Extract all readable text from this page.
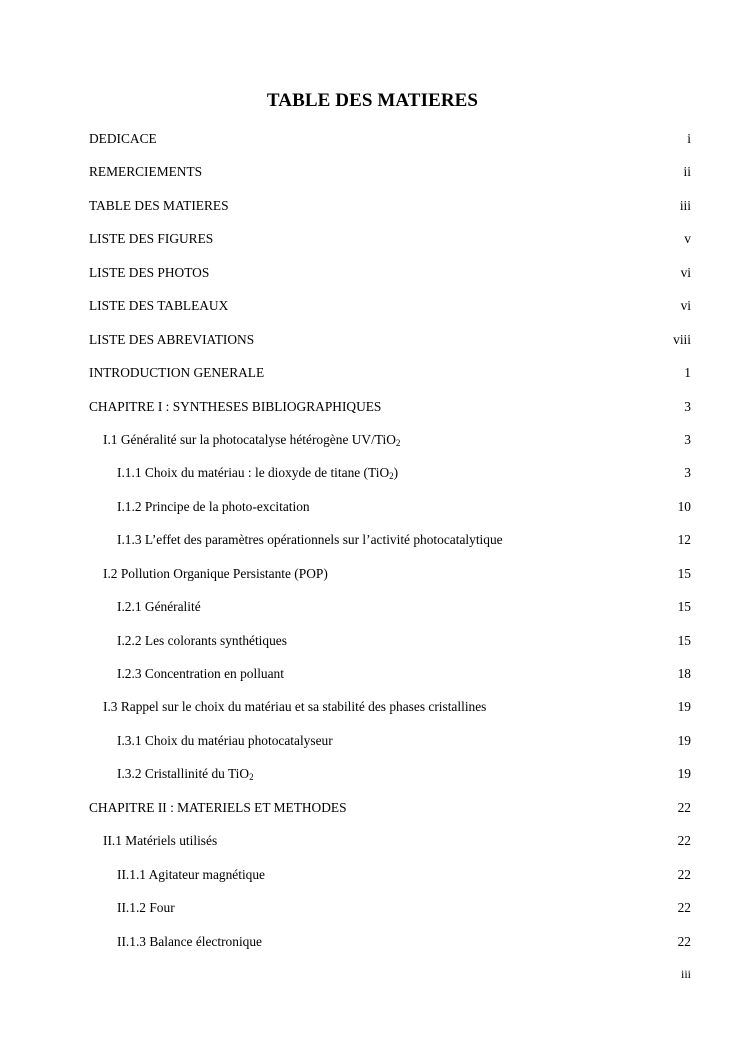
TABLE DES MATIERES
DEDICACE	i
REMERCIEMENTS	ii
TABLE DES MATIERES	iii
LISTE DES FIGURES	v
LISTE DES PHOTOS	vi
LISTE DES TABLEAUX	vi
LISTE DES ABREVIATIONS	viii
INTRODUCTION GENERALE	1
CHAPITRE I : SYNTHESES BIBLIOGRAPHIQUES	3
I.1 Généralité sur la photocatalyse hétérogène UV/TiO$_2$	3
I.1.1 Choix du matériau : le dioxyde de titane (TiO$_2$)	3
I.1.2 Principe de la photo-excitation	10
I.1.3 L’effet des paramètres opérationnels sur l’activité photocatalytique	12
I.2 Pollution Organique Persistante (POP)	15
I.2.1 Généralité	15
I.2.2 Les colorants synthétiques	15
I.2.3 Concentration en polluant	18
I.3 Rappel sur le choix du matériau et sa stabilité des phases cristallines	19
I.3.1 Choix du matériau photocatalyseur	19
I.3.2 Cristallinité du TiO$_2$	19
CHAPITRE II : MATERIELS ET METHODES	22
II.1 Matériels utilisés	22
II.1.1 Agitateur magnétique	22
II.1.2 Four	22
II.1.3 Balance électronique	22
iii
